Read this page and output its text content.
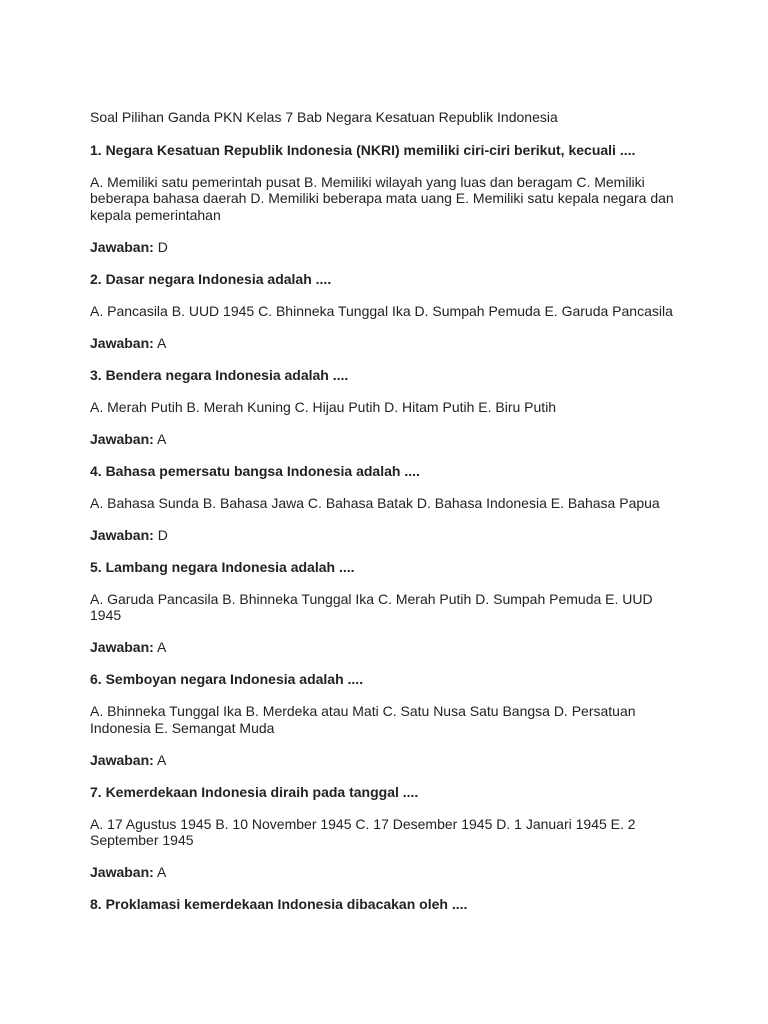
Soal Pilihan Ganda PKN Kelas 7 Bab Negara Kesatuan Republik Indonesia

1. Negara Kesatuan Republik Indonesia (NKRI) memiliki ciri-ciri berikut, kecuali ....

A. Memiliki satu pemerintah pusat B. Memiliki wilayah yang luas dan beragam C. Memiliki beberapa bahasa daerah D. Memiliki beberapa mata uang E. Memiliki satu kepala negara dan kepala pemerintahan

Jawaban: D

2. Dasar negara Indonesia adalah ....

A. Pancasila B. UUD 1945 C. Bhinneka Tunggal Ika D. Sumpah Pemuda E. Garuda Pancasila

Jawaban: A

3. Bendera negara Indonesia adalah ....

A. Merah Putih B. Merah Kuning C. Hijau Putih D. Hitam Putih E. Biru Putih

Jawaban: A

4. Bahasa pemersatu bangsa Indonesia adalah ....

A. Bahasa Sunda B. Bahasa Jawa C. Bahasa Batak D. Bahasa Indonesia E. Bahasa Papua

Jawaban: D

5. Lambang negara Indonesia adalah ....

A. Garuda Pancasila B. Bhinneka Tunggal Ika C. Merah Putih D. Sumpah Pemuda E. UUD 1945

Jawaban: A

6. Semboyan negara Indonesia adalah ....

A. Bhinneka Tunggal Ika B. Merdeka atau Mati C. Satu Nusa Satu Bangsa D. Persatuan Indonesia E. Semangat Muda

Jawaban: A

7. Kemerdekaan Indonesia diraih pada tanggal ....

A. 17 Agustus 1945 B. 10 November 1945 C. 17 Desember 1945 D. 1 Januari 1945 E. 2 September 1945

Jawaban: A

8. Proklamasi kemerdekaan Indonesia dibacakan oleh ....
